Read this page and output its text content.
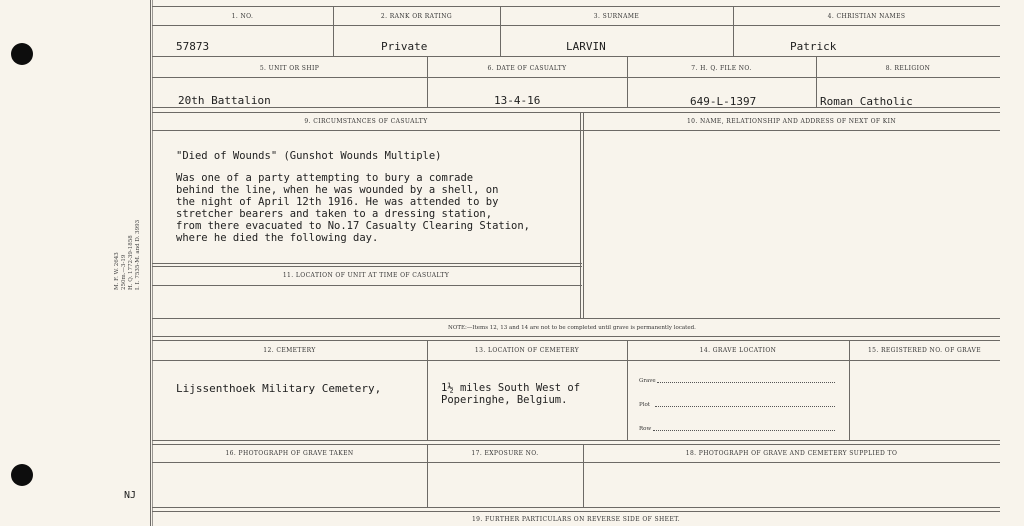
M. F. W. 2643 250m.—3-19 H. Q. 1772-39-1858 I. I. 7535-M. and D. 3993
NJ
1. NO.	2. RANK OR RATING	3. SURNAME	4. CHRISTIAN NAMES
57873	Private	LARVIN	Patrick
5. UNIT OR SHIP	6. DATE OF CASUALTY	7. H. Q. FILE NO.	8. RELIGION
20th Battalion	13-4-16	649-L-1397	Roman Catholic
9. CIRCUMSTANCES OF CASUALTY	10. NAME, RELATIONSHIP AND ADDRESS OF NEXT OF KIN
"Died of Wounds" (Gunshot Wounds Multiple)
Was one of a party attempting to bury a comrade
behind the line, when he was wounded by a shell, on
the night of April 12th 1916. He was attended to by
stretcher bearers and taken to a dressing station,
from there evacuated to No.17 Casualty Clearing Station,
where he died the following day.
11. LOCATION OF UNIT AT TIME OF CASUALTY
NOTE:—Items 12, 13 and 14 are not to be completed until grave is permanently located.
12. CEMETERY	13. LOCATION OF CEMETERY	14. GRAVE LOCATION	15. REGISTERED NO. OF GRAVE
Lijssenthoek Military Cemetery,	1½ miles South West of
Poperinghe, Belgium.
Grave
Plot
Row
16. PHOTOGRAPH OF GRAVE TAKEN	17. EXPOSURE NO.	18. PHOTOGRAPH OF GRAVE AND CEMETERY SUPPLIED TO
19. FURTHER PARTICULARS ON REVERSE SIDE OF SHEET.
